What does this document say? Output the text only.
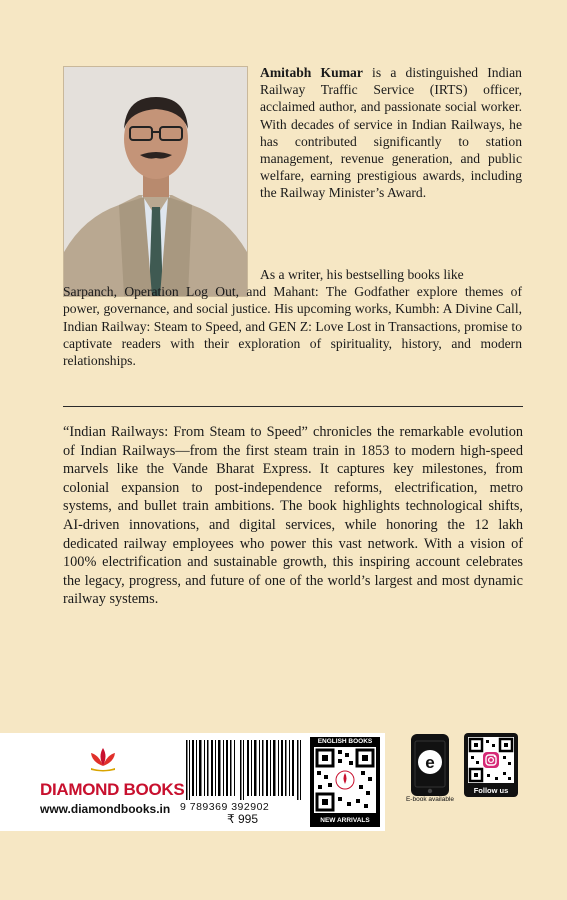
Amitabh Kumar is a distinguished Indian Railway Traffic Service (IRTS) officer, acclaimed author, and passionate social worker. With decades of service in Indian Railways, he has contributed significantly to station management, revenue generation, and public welfare, earning prestigious awards, including the Railway Minister’s Award.
As a writer, his bestselling books like
Sarpanch, Operation Log Out, and Mahant: The Godfather explore themes of power, governance, and social justice. His upcoming works, Kumbh: A Divine Call, Indian Railway: Steam to Speed, and GEN Z: Love Lost in Transactions, promise to captivate readers with their exploration of spirituality, history, and modern relationships.
“Indian Railways: From Steam to Speed” chronicles the remarkable evolution of Indian Railways—from the first steam train in 1853 to modern high-speed marvels like the Vande Bharat Express. It captures key milestones, from colonial expansion to post-independence reforms, electrification, metro systems, and bullet train ambitions. The book highlights technological shifts, AI-driven innovations, and digital services, while honoring the 12 lakh dedicated railway employees who power this vast network. With a vision of 100% electrification and sustainable growth, this inspiring account celebrates the legacy, progress, and future of one of the world’s largest and most dynamic railway systems.
DIAMOND BOOKS
www.diamondbooks.in 9 789369 392902
₹ 995
ENGLISH BOOKS
NEW ARRIVALS
e
E-book available
Follow us
